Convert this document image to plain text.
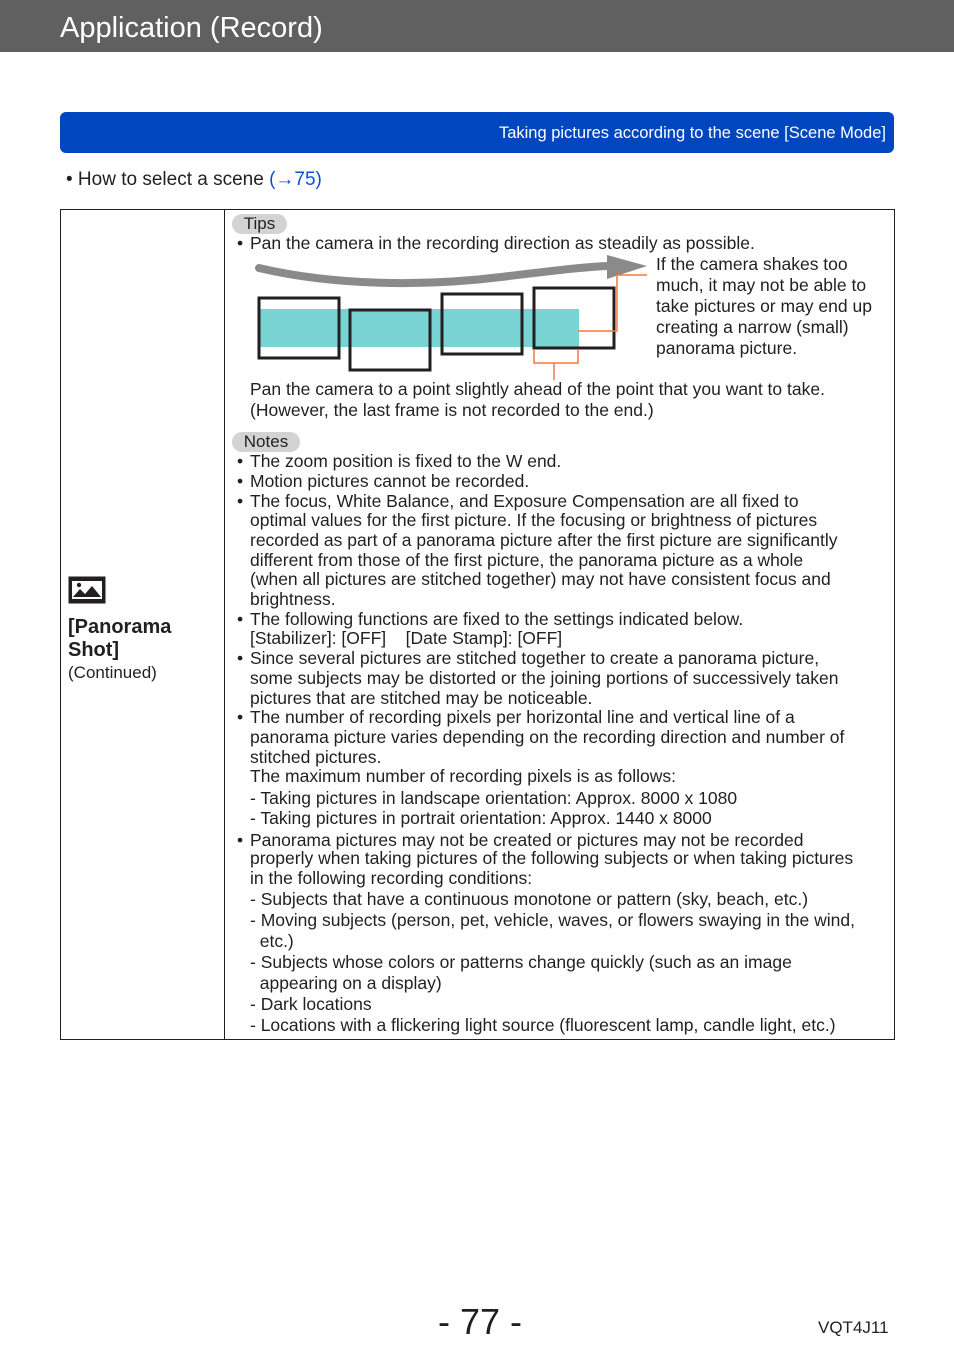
Application (Record)
Taking pictures according to the scene [Scene Mode]
• How to select a scene (→75)
[Panorama Shot]
(Continued)
Tips
• Pan the camera in the recording direction as steadily as possible.
If the camera shakes too
much, it may not be able to
take pictures or may end up
creating a narrow (small)
panorama picture.
Pan the camera to a point slightly ahead of the point that you want to take.
(However, the last frame is not recorded to the end.)
Notes
• The zoom position is fixed to the W end.
• Motion pictures cannot be recorded.
• The focus, White Balance, and Exposure Compensation are all fixed to
optimal values for the first picture. If the focusing or brightness of pictures
recorded as part of a panorama picture after the first picture are significantly
different from those of the first picture, the panorama picture as a whole
(when all pictures are stitched together) may not have consistent focus and
brightness.
• The following functions are fixed to the settings indicated below.
[Stabilizer]: [OFF]    [Date Stamp]: [OFF]
• Since several pictures are stitched together to create a panorama picture,
some subjects may be distorted or the joining portions of successively taken
pictures that are stitched may be noticeable.
• The number of recording pixels per horizontal line and vertical line of a
panorama picture varies depending on the recording direction and number of
stitched pictures.
The maximum number of recording pixels is as follows:
- Taking pictures in landscape orientation: Approx. 8000 x 1080
- Taking pictures in portrait orientation: Approx. 1440 x 8000
• Panorama pictures may not be created or pictures may not be recorded
properly when taking pictures of the following subjects or when taking pictures
in the following recording conditions:
- Subjects that have a continuous monotone or pattern (sky, beach, etc.)
- Moving subjects (person, pet, vehicle, waves, or flowers swaying in the wind,
etc.)
- Subjects whose colors or patterns change quickly (such as an image
appearing on a display)
- Dark locations
- Locations with a flickering light source (fluorescent lamp, candle light, etc.)
- 77 -	VQT4J11
